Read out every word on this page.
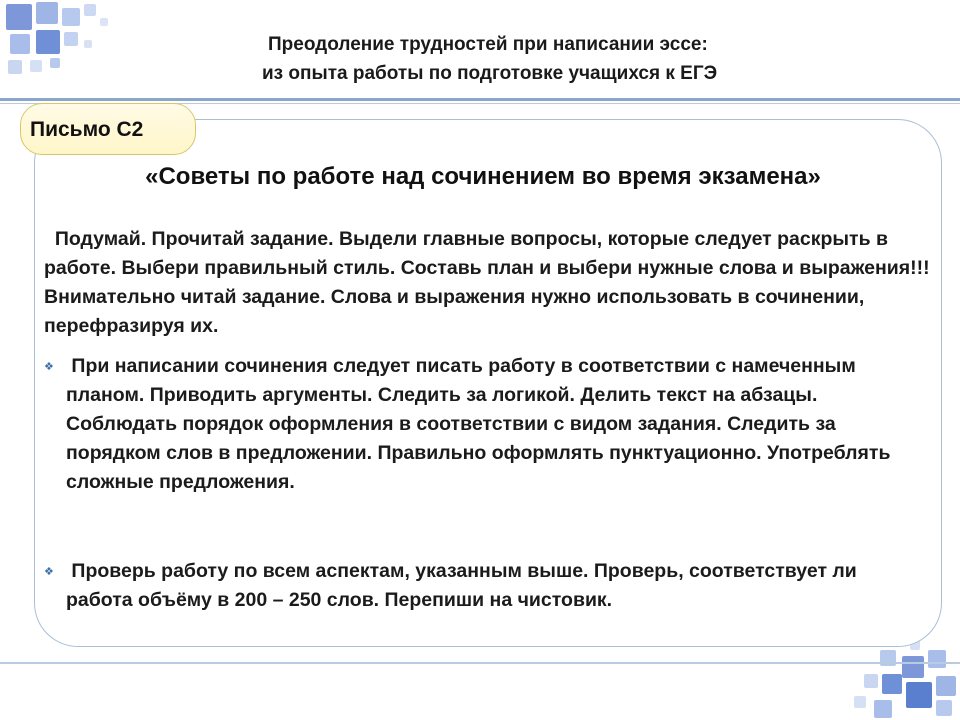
Преодоление трудностей при написании эссе:
из опыта работы по подготовке учащихся к ЕГЭ
Письмо С2
«Советы по работе над сочинением во время экзамена»
Подумай. Прочитай задание. Выдели главные вопросы, которые следует раскрыть в работе. Выбери правильный стиль. Составь план и выбери нужные слова и выражения!!! Внимательно читай задание. Слова и выражения нужно использовать в сочинении, перефразируя их.
❖ При написании сочинения следует писать работу в соответствии с намеченным планом. Приводить аргументы. Следить за логикой. Делить текст на абзацы. Соблюдать порядок оформления в соответствии с видом задания. Следить за порядком слов в предложении. Правильно оформлять пунктуационно. Употреблять сложные предложения.
❖ Проверь работу по всем аспектам, указанным выше. Проверь, соответствует ли работа объёму в 200 – 250 слов. Перепиши на чистовик.
